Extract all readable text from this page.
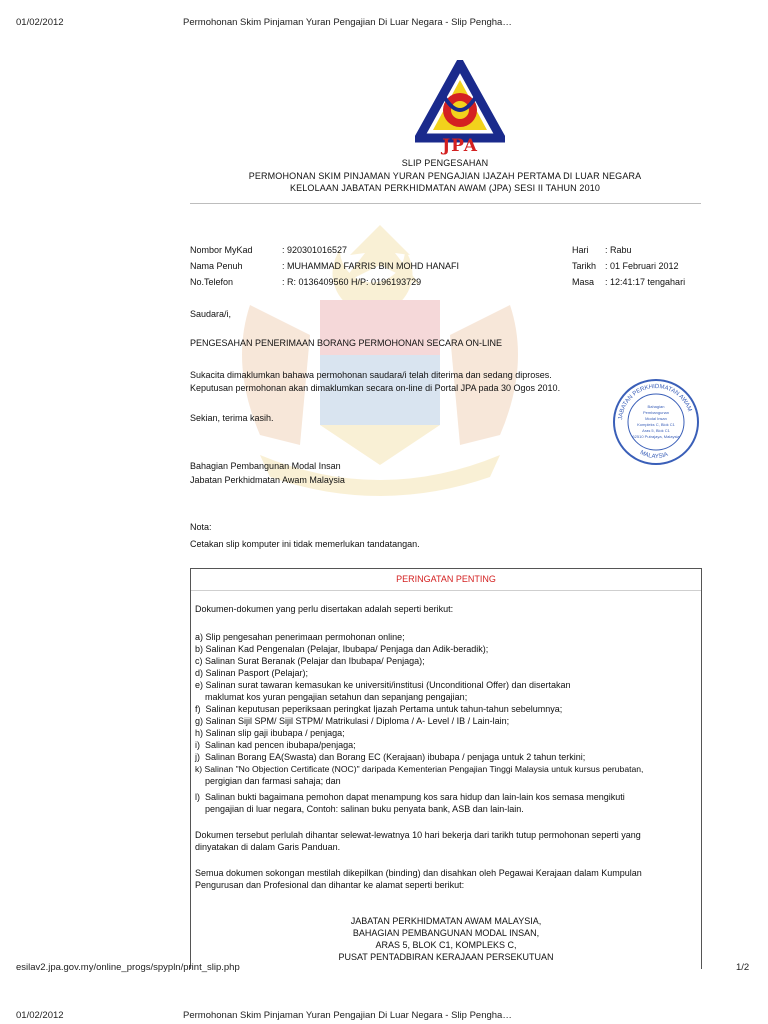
01/02/2012	Permohonan Skim Pinjaman Yuran Pengajian Di Luar Negara - Slip Pengha…
JPA
SLIP PENGESAHAN
PERMOHONAN SKIM PINJAMAN YURAN PENGAJIAN IJAZAH PERTAMA DI LUAR NEGARA
KELOLAAN JABATAN PERKHIDMATAN AWAM (JPA) SESI II TAHUN 2010
Nombor MyKad	: 920301016527
Nama Penuh	: MUHAMMAD FARRIS BIN MOHD HANAFI
No.Telefon	: R: 0136409560 H/P: 0196193729
Hari : Rabu
Tarikh : 01 Februari 2012
Masa : 12:41:17 tengahari
Saudara/i,
PENGESAHAN PENERIMAAN BORANG PERMOHONAN SECARA ON-LINE
Sukacita dimaklumkan bahawa permohonan saudara/i telah diterima dan sedang diproses.
Keputusan permohonan akan dimaklumkan secara on-line di Portal JPA pada 30 Ogos 2010.
Sekian, terima kasih.
Bahagian Pembangunan Modal Insan
Jabatan Perkhidmatan Awam Malaysia
Nota:
Cetakan slip komputer ini tidak memerlukan tandatangan.
JABATAN PERKHIDMATAN AWAM
MALAYSIA
Bahagian
Pembangunan
Modal Insan
Kompleks C, Blok C1
Aras 5, Blok C1
62510 Putrajaya, Malaysia
PERINGATAN PENTING
Dokumen-dokumen yang perlu disertakan adalah seperti berikut:
a) Slip pengesahan penerimaan permohonan online;
b) Salinan Kad Pengenalan (Pelajar, Ibubapa/ Penjaga dan Adik-beradik);
c) Salinan Surat Beranak (Pelajar dan Ibubapa/ Penjaga);
d) Salinan Pasport (Pelajar);
e) Salinan surat tawaran kemasukan ke universiti/institusi (Unconditional Offer) dan disertakan
maklumat kos yuran pengajian setahun dan sepanjang pengajian;
f)  Salinan keputusan peperiksaan peringkat Ijazah Pertama untuk tahun-tahun sebelumnya;
g) Salinan Sijil SPM/ Sijil STPM/ Matrikulasi / Diploma / A- Level / IB / Lain-lain;
h) Salinan slip gaji ibubapa / penjaga;
i)  Salinan kad pencen ibubapa/penjaga;
j)  Salinan Borang EA(Swasta) dan Borang EC (Kerajaan) ibubapa / penjaga untuk 2 tahun terkini;
k) Salinan "No Objection Certificate (NOC)" daripada Kementerian Pengajian Tinggi Malaysia untuk kursus perubatan,
pergigian dan farmasi sahaja; dan
l)  Salinan bukti bagaimana pemohon dapat menampung kos sara hidup dan lain-lain kos semasa mengikuti
pengajian di luar negara, Contoh: salinan buku penyata bank, ASB dan lain-lain.
Dokumen tersebut perlulah dihantar selewat-lewatnya 10 hari bekerja dari tarikh tutup permohonan seperti yang
dinyatakan di dalam Garis Panduan.
Semua dokumen sokongan mestilah dikepilkan (binding) dan disahkan oleh Pegawai Kerajaan dalam Kumpulan
Pengurusan dan Profesional dan dihantar ke alamat seperti berikut:
JABATAN PERKHIDMATAN AWAM MALAYSIA,
BAHAGIAN PEMBANGUNAN MODAL INSAN,
ARAS 5, BLOK C1, KOMPLEKS C,
PUSAT PENTADBIRAN KERAJAAN PERSEKUTUAN
esilav2.jpa.gov.my/online_progs/spypln/print_slip.php	1/2
01/02/2012	Permohonan Skim Pinjaman Yuran Pengajian Di Luar Negara - Slip Pengha…
